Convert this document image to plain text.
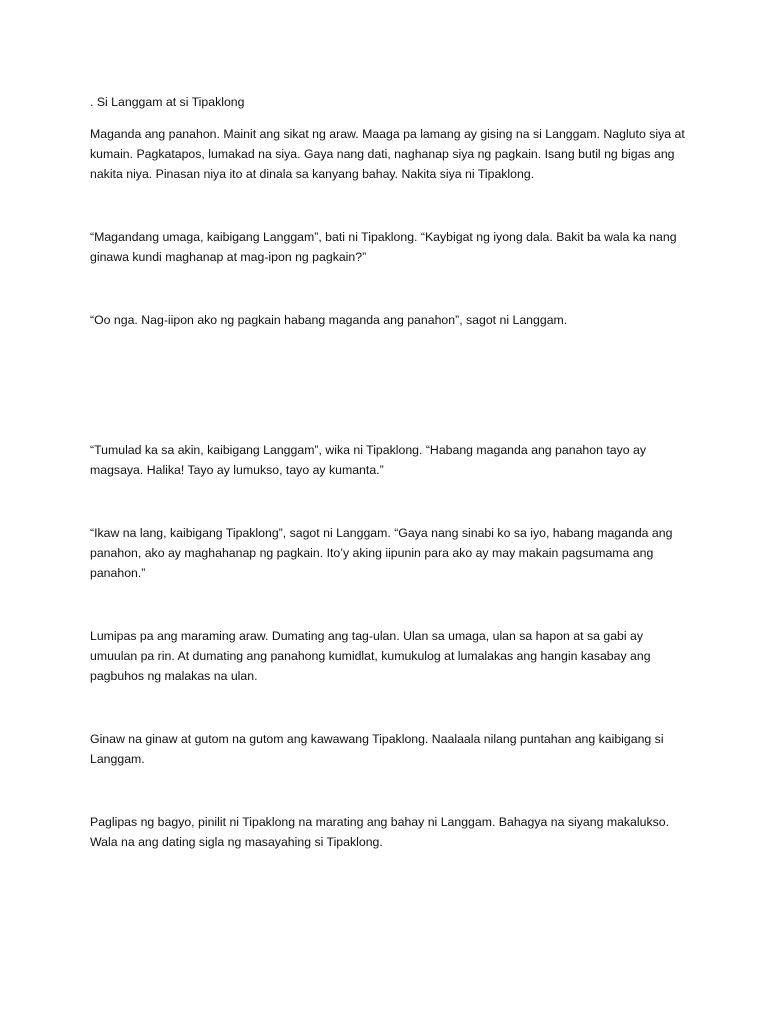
. Si Langgam at si Tipaklong

Maganda ang panahon. Mainit ang sikat ng araw. Maaga pa lamang ay gising na si Langgam. Nagluto siya at kumain. Pagkatapos, lumakad na siya. Gaya nang dati, naghanap siya ng pagkain. Isang butil ng bigas ang nakita niya. Pinasan niya ito at dinala sa kanyang bahay. Nakita siya ni Tipaklong.

“Magandang umaga, kaibigang Langgam”, bati ni Tipaklong. “Kaybigat ng iyong dala. Bakit ba wala ka nang ginawa kundi maghanap at mag-ipon ng pagkain?”

“Oo nga. Nag-iipon ako ng pagkain habang maganda ang panahon”, sagot ni Langgam.

“Tumulad ka sa akin, kaibigang Langgam”, wika ni Tipaklong. “Habang maganda ang panahon tayo ay magsaya. Halika! Tayo ay lumukso, tayo ay kumanta.”

“Ikaw na lang, kaibigang Tipaklong”, sagot ni Langgam. “Gaya nang sinabi ko sa iyo, habang maganda ang panahon, ako ay maghahanap ng pagkain. Ito’y aking iipunin para ako ay may makain pagsumama ang panahon.”

Lumipas pa ang maraming araw. Dumating ang tag-ulan. Ulan sa umaga, ulan sa hapon at sa gabi ay umuulan pa rin. At dumating ang panahong kumidlat, kumukulog at lumalakas ang hangin kasabay ang pagbuhos ng malakas na ulan.

Ginaw na ginaw at gutom na gutom ang kawawang Tipaklong. Naalaala nilang puntahan ang kaibigang si Langgam.

Paglipas ng bagyo, pinilit ni Tipaklong na marating ang bahay ni Langgam. Bahagya na siyang makalukso. Wala na ang dating sigla ng masayahing si Tipaklong.
